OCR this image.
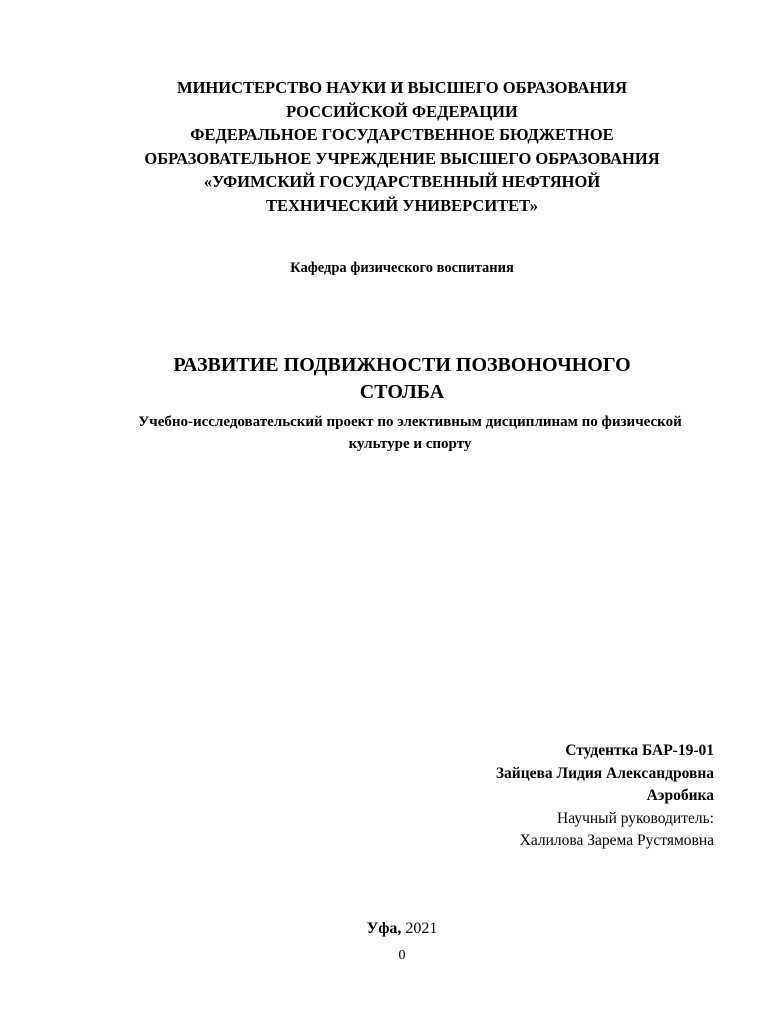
МИНИСТЕРСТВО НАУКИ И ВЫСШЕГО ОБРАЗОВАНИЯ
РОССИЙСКОЙ ФЕДЕРАЦИИ
ФЕДЕРАЛЬНОЕ ГОСУДАРСТВЕННОЕ БЮДЖЕТНОЕ
ОБРАЗОВАТЕЛЬНОЕ УЧРЕЖДЕНИЕ ВЫСШЕГО ОБРАЗОВАНИЯ
«УФИМСКИЙ ГОСУДАРСТВЕННЫЙ НЕФТЯНОЙ
ТЕХНИЧЕСКИЙ УНИВЕРСИТЕТ»
Кафедра физического воспитания
РАЗВИТИЕ ПОДВИЖНОСТИ ПОЗВОНОЧНОГО
СТОЛБА
Учебно-исследовательский проект по элективным дисциплинам по физической
культуре и спорту
Студентка БАР-19-01
Зайцева Лидия Александровна
Аэробика
Научный руководитель:
Халилова Зарема Рустямовна
Уфа, 2021
0
